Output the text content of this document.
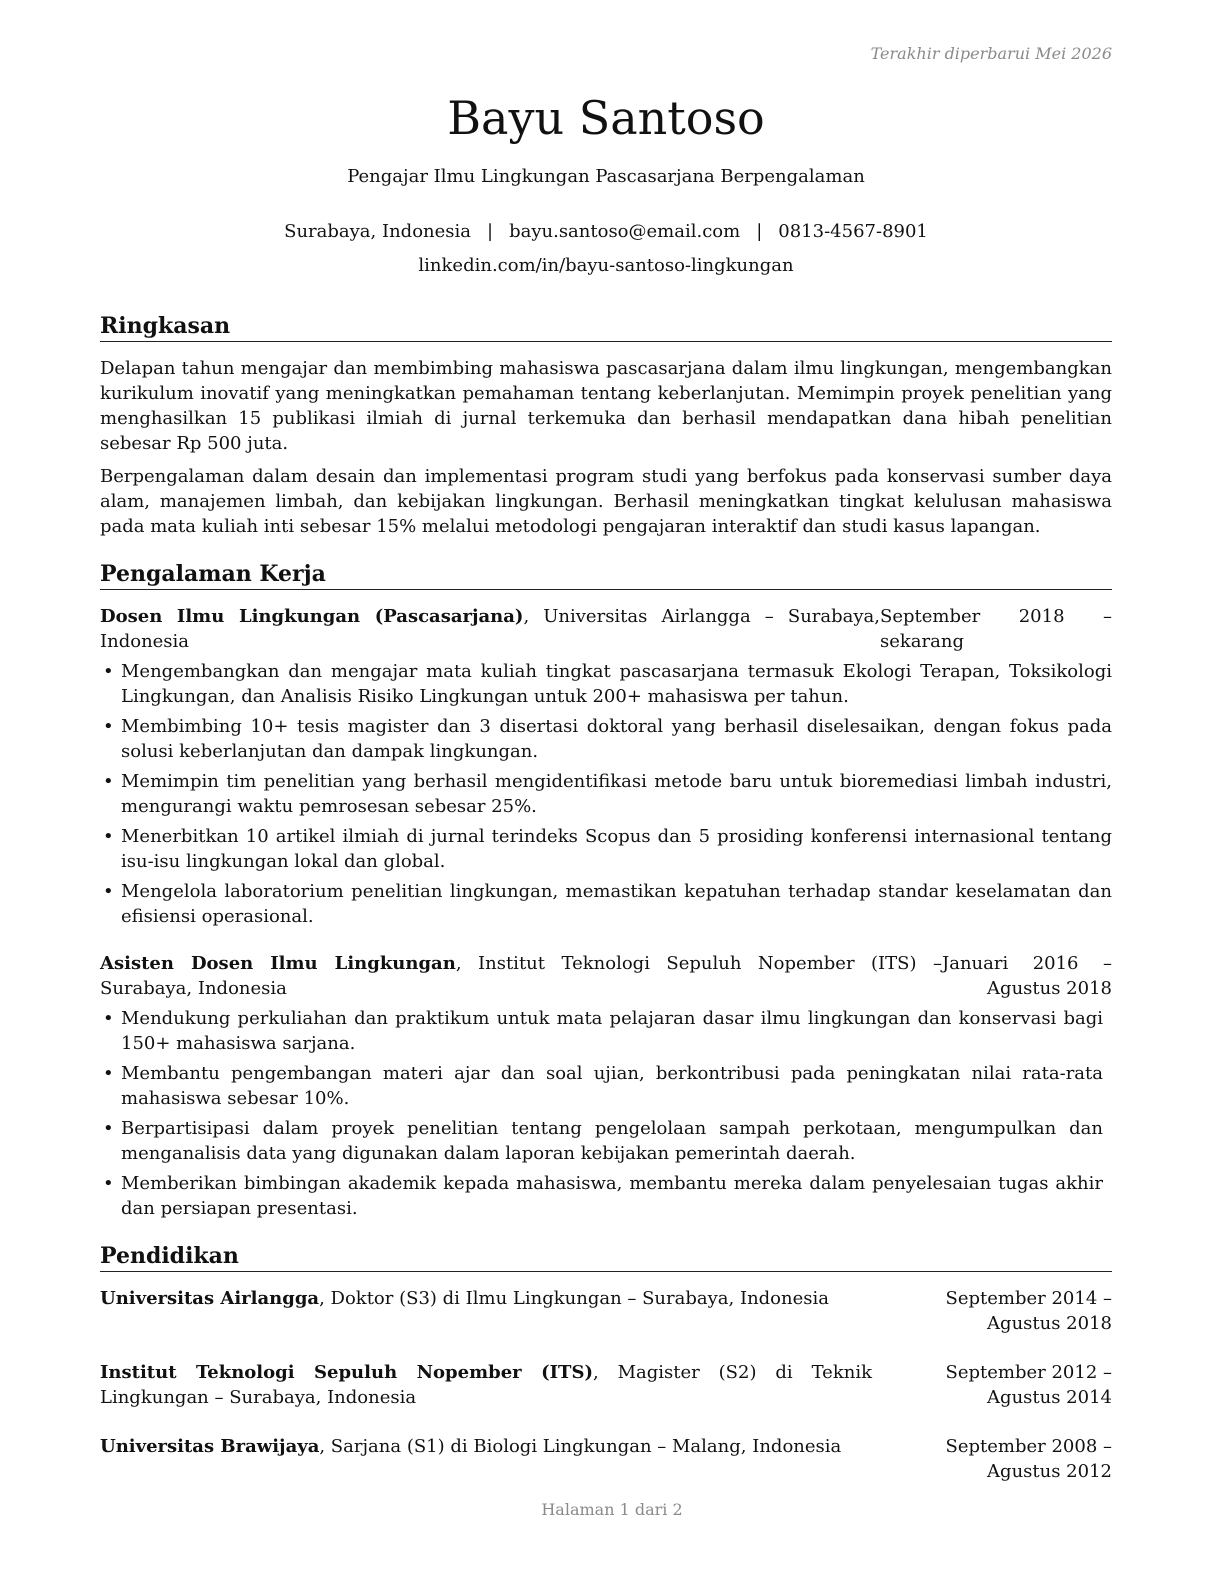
Terakhir diperbarui Mei 2026
Bayu Santoso
Pengajar Ilmu Lingkungan Pascasarjana Berpengalaman
Surabaya, Indonesia | bayu.santoso@email.com | 0813-4567-8901
linkedin.com/in/bayu-santoso-lingkungan
Ringkasan

Delapan tahun mengajar dan membimbing mahasiswa pascasarjana dalam ilmu lingkungan, mengembangkan kurikulum inovatif yang meningkatkan pemahaman tentang keberlanjutan. Memimpin proyek penelitian yang menghasilkan 15 publikasi ilmiah di jurnal terkemuka dan berhasil mendapatkan dana hibah penelitian sebesar Rp 500 juta.

Berpengalaman dalam desain dan implementasi program studi yang berfokus pada konservasi sumber daya alam, manajemen limbah, dan kebijakan lingkungan. Berhasil meningkatkan tingkat kelulusan mahasiswa pada mata kuliah inti sebesar 15% melalui metodologi pengajaran interaktif dan studi kasus lapangan.

Pengalaman Kerja
Dosen Ilmu Lingkungan (Pascasarjana), Universitas Airlangga – Surabaya, Indonesia
September 2018 – sekarang
• Mengembangkan dan mengajar mata kuliah tingkat pascasarjana termasuk Ekologi Terapan, Toksikologi Lingkungan, dan Analisis Risiko Lingkungan untuk 200+ mahasiswa per tahun.
• Membimbing 10+ tesis magister dan 3 disertasi doktoral yang berhasil diselesaikan, dengan fokus pada solusi keberlanjutan dan dampak lingkungan.
• Memimpin tim penelitian yang berhasil mengidentifikasi metode baru untuk bioremediasi limbah industri, mengurangi waktu pemrosesan sebesar 25%.
• Menerbitkan 10 artikel ilmiah di jurnal terindeks Scopus dan 5 prosiding konferensi internasional tentang isu-isu lingkungan lokal dan global.
• Mengelola laboratorium penelitian lingkungan, memastikan kepatuhan terhadap standar keselamatan dan efisiensi operasional.
Asisten Dosen Ilmu Lingkungan, Institut Teknologi Sepuluh Nopember (ITS) – Surabaya, Indonesia
Januari 2016 – Agustus 2018
• Mendukung perkuliahan dan praktikum untuk mata pelajaran dasar ilmu lingkungan dan konservasi bagi 150+ mahasiswa sarjana.
• Membantu pengembangan materi ajar dan soal ujian, berkontribusi pada peningkatan nilai rata-rata mahasiswa sebesar 10%.
• Berpartisipasi dalam proyek penelitian tentang pengelolaan sampah perkotaan, mengumpulkan dan menganalisis data yang digunakan dalam laporan kebijakan pemerintah daerah.
• Memberikan bimbingan akademik kepada mahasiswa, membantu mereka dalam penyelesaian tugas akhir dan persiapan presentasi.
Pendidikan
Universitas Airlangga, Doktor (S3) di Ilmu Lingkungan – Surabaya, Indonesia	September 2014 – Agustus 2018
Institut Teknologi Sepuluh Nopember (ITS), Magister (S2) di Teknik Lingkungan – Surabaya, Indonesia
September 2012 – Agustus 2014
Universitas Brawijaya, Sarjana (S1) di Biologi Lingkungan – Malang, Indonesia	September 2008 – Agustus 2012
Halaman 1 dari 2
